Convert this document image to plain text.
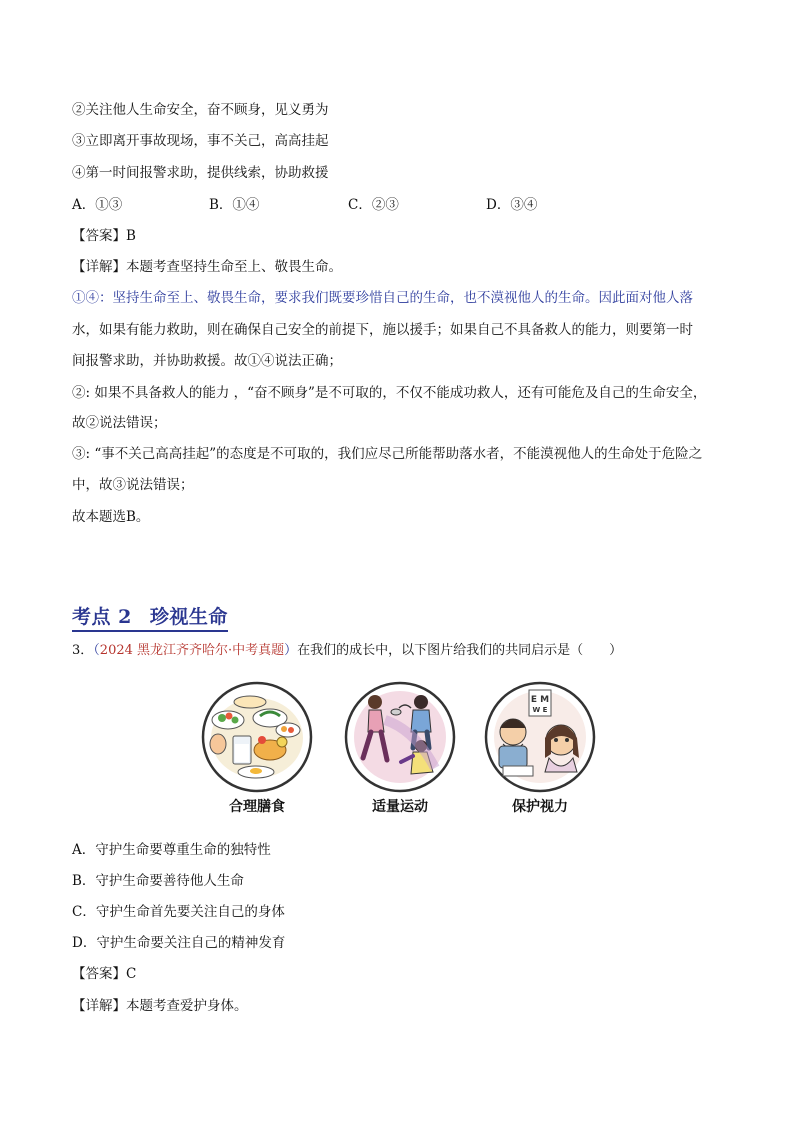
②关注他人生命安全，奋不顾身，见义勇为
③立即离开事故现场，事不关己，高高挂起
④第一时间报警求助，提供线索，协助救援
A．①③	B．①④	C．②③	D．③④
【答案】B
【详解】本题考查坚持生命至上、敬畏生命。
①④：坚持生命至上、敬畏生命，要求我们既要珍惜自己的生命，也不漠视他人的生命。因此面对他人落
水，如果有能力救助，则在确保自己安全的前提下，施以援手；如果自己不具备救人的能力，则要第一时
间报警求助，并协助救援。故①④说法正确；
②: 如果不具备救人的能力 ，“奋不顾身”是不可取的，不仅不能成功救人，还有可能危及自己的生命安全，
故②说法错误；
③: “事不关己高高挂起”的态度是不可取的，我们应尽己所能帮助落水者，不能漠视他人的生命处于危险之
中，故③说法错误；
故本题选B。
考点 2 珍视生命
3．（2024 黑龙江齐齐哈尔·中考真题）在我们的成长中，以下图片给我们的共同启示是（　　）
E M
W E
合理膳食	适量运动	保护视力
A．守护生命要尊重生命的独特性
B．守护生命要善待他人生命
C．守护生命首先要关注自己的身体
D．守护生命要关注自己的精神发育
【答案】C
【详解】本题考查爱护身体。
